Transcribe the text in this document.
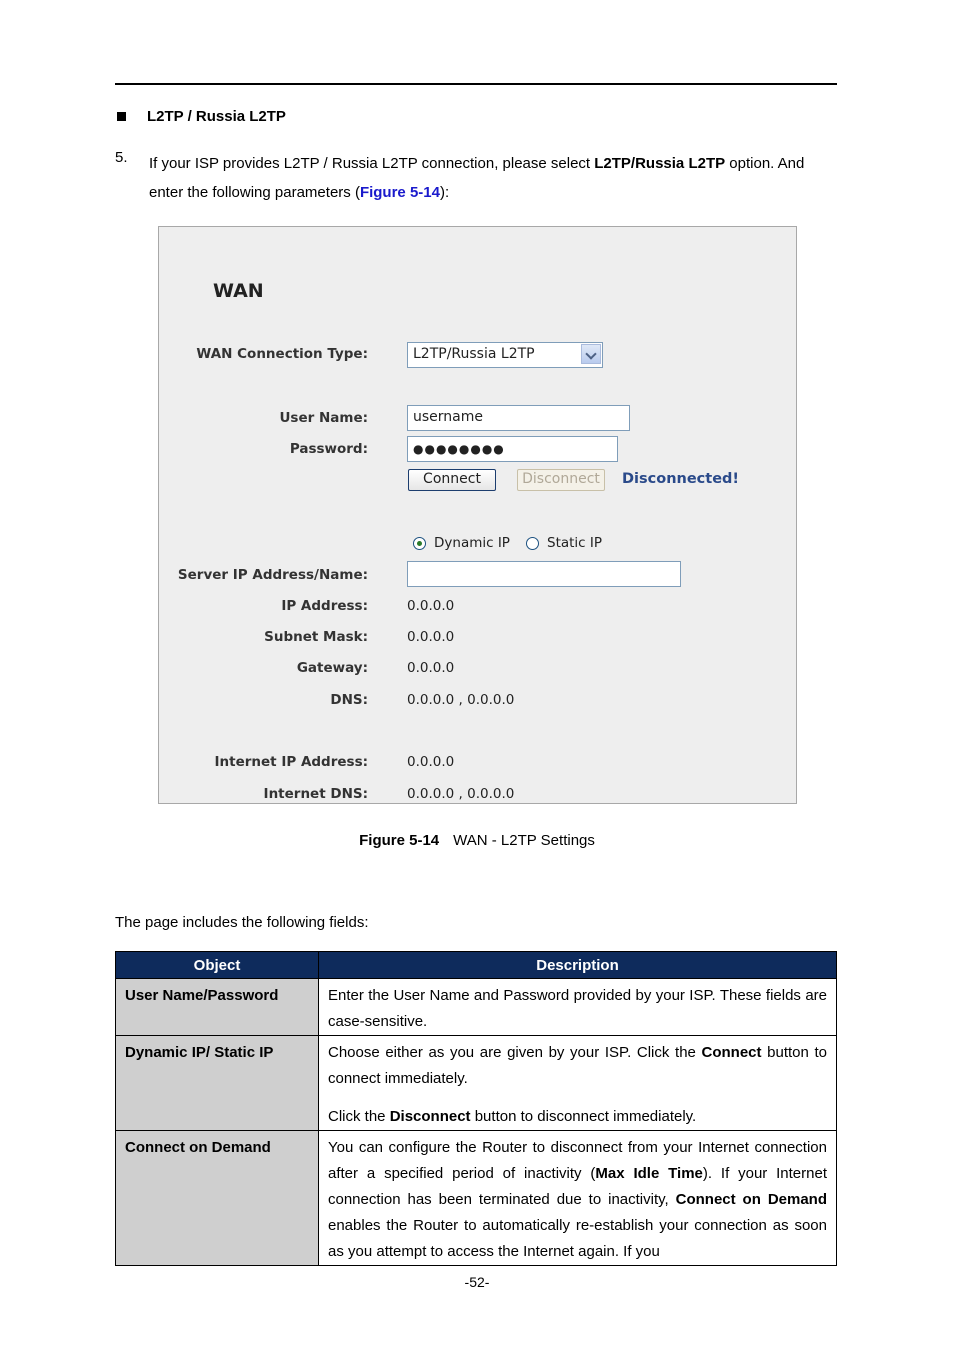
L2TP / Russia L2TP
5. If your ISP provides L2TP / Russia L2TP connection, please select L2TP/Russia L2TP option. And enter the following parameters (Figure 5-14):
WAN
WAN Connection Type:	L2TP/Russia L2TP
User Name:	username
Password:	●●●●●●●●
Connect	Disconnect	Disconnected!
Dynamic IP	Static IP
Server IP Address/Name:
IP Address:	0.0.0.0
Subnet Mask:	0.0.0.0
Gateway:	0.0.0.0
DNS:	0.0.0.0 , 0.0.0.0
Internet IP Address:	0.0.0.0
Internet DNS:	0.0.0.0 , 0.0.0.0
Figure 5-14 WAN - L2TP Settings
The page includes the following fields:
Object	Description
User Name/Password	Enter the User Name and Password provided by your ISP. These fields are case-sensitive.
Dynamic IP/ Static IP	Choose either as you are given by your ISP. Click the Connect button to connect immediately.

Click the Disconnect button to disconnect immediately.

Connect on Demand	You can configure the Router to disconnect from your Internet connection after a specified period of inactivity (Max Idle Time). If your Internet connection has been terminated due to inactivity, Connect on Demand enables the Router to automatically re-establish your connection as soon as you attempt to access the Internet again. If you
-52-
